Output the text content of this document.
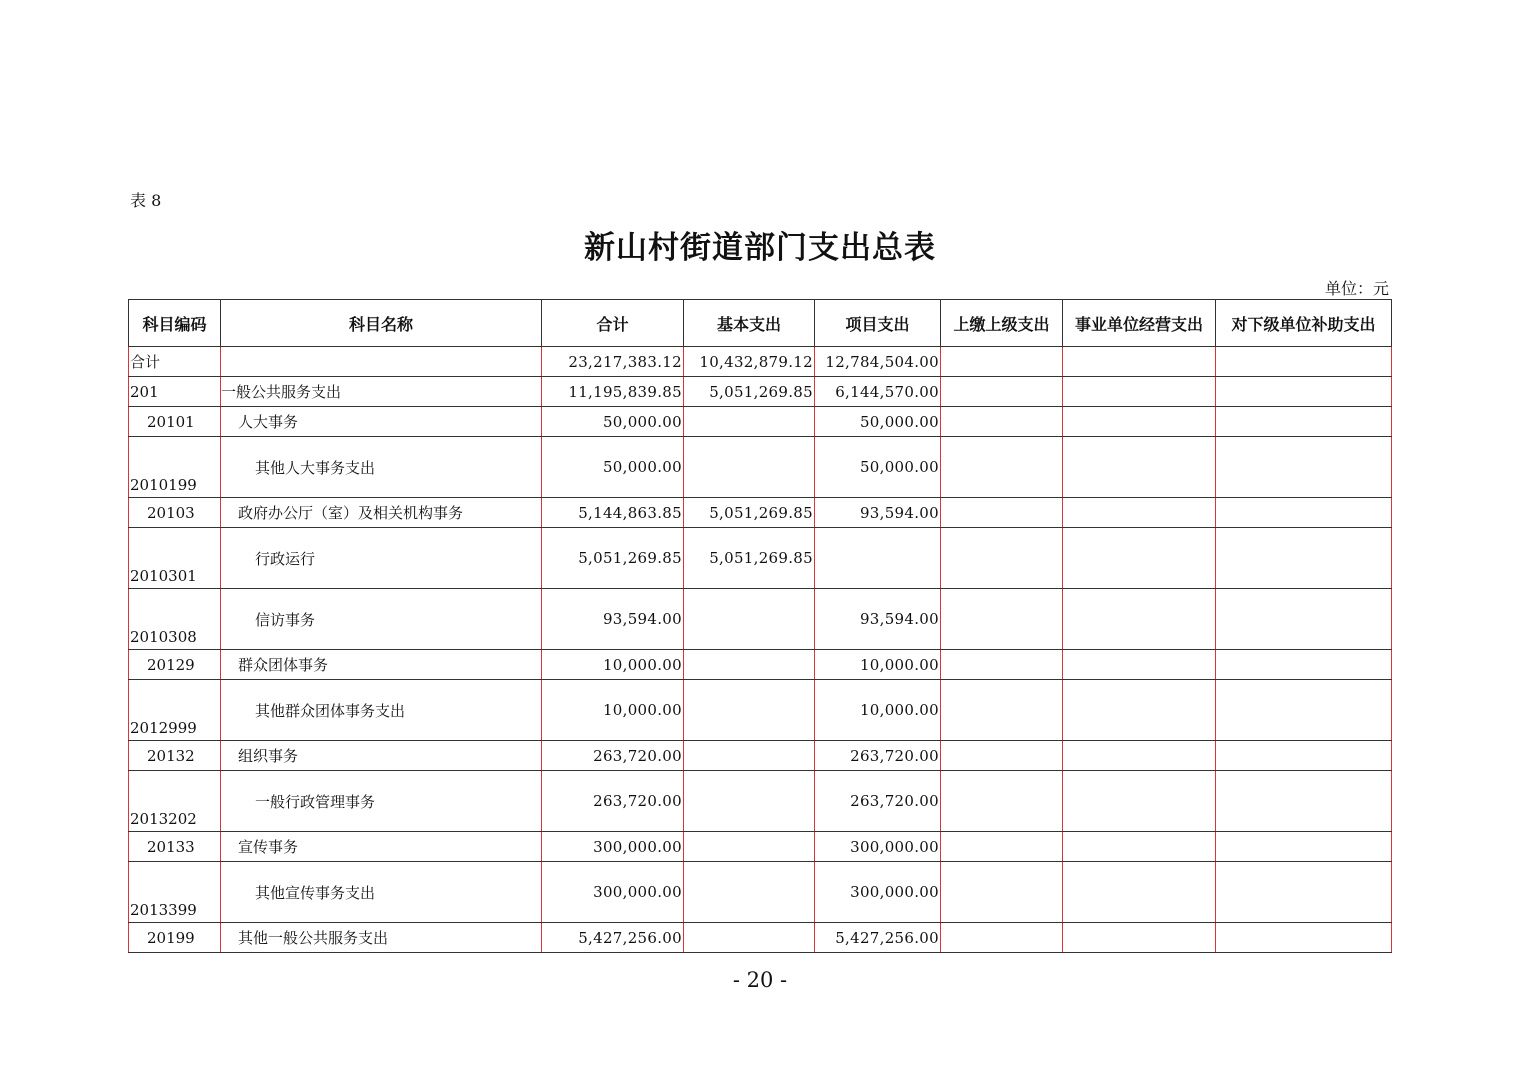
表 8
新山村街道部门支出总表
单位：元
科目编码	科目名称	合计	基本支出	项目支出	上缴上级支出	事业单位经营支出	对下级单位补助支出
合计		23,217,383.12	10,432,879.12	12,784,504.00			
201	一般公共服务支出	11,195,839.85	5,051,269.85	6,144,570.00			
20101	人大事务	50,000.00		50,000.00			
2010199	其他人大事务支出	50,000.00		50,000.00			
20103	政府办公厅（室）及相关机构事务	5,144,863.85	5,051,269.85	93,594.00			
2010301	行政运行	5,051,269.85	5,051,269.85				
2010308	信访事务	93,594.00		93,594.00			
20129	群众团体事务	10,000.00		10,000.00			
2012999	其他群众团体事务支出	10,000.00		10,000.00			
20132	组织事务	263,720.00		263,720.00			
2013202	一般行政管理事务	263,720.00		263,720.00			
20133	宣传事务	300,000.00		300,000.00			
2013399	其他宣传事务支出	300,000.00		300,000.00			
20199	其他一般公共服务支出	5,427,256.00		5,427,256.00			
- 20 -
